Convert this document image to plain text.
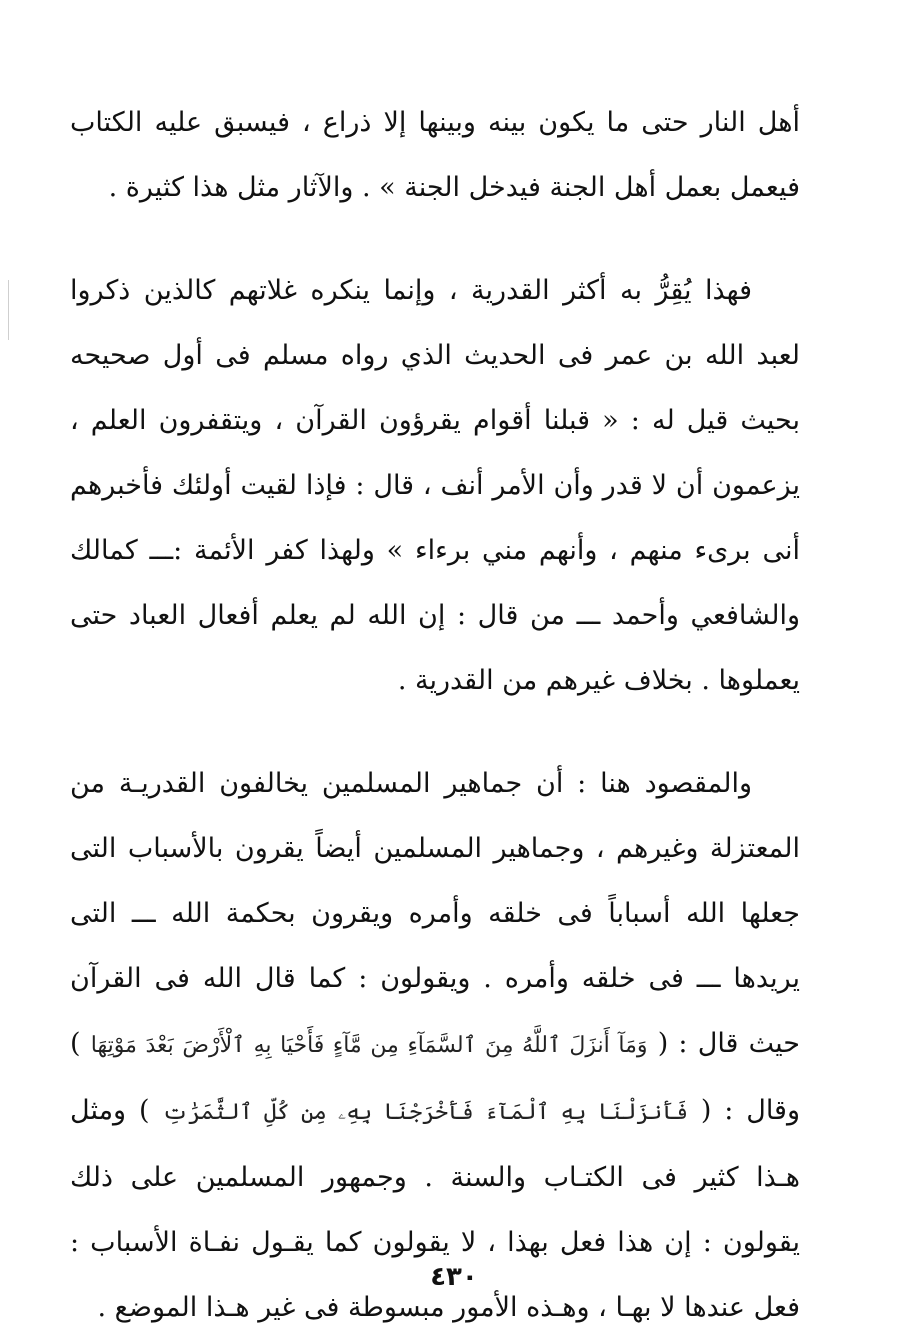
أهل النار حتى ما يكون بينه وبينها إلا ذراع ، فيسبق عليه الكتاب فيعمل بعمل أهل الجنة فيدخل الجنة » . والآثار مثل هذا كثيرة .

فهذا يُقِرُّ به أكثر القدرية ، وإنما ينكره غلاتهم كالذين ذكروا لعبد الله بن عمر فى الحديث الذي رواه مسلم فى أول صحيحه بحيث قيل له : « قبلنا أقوام يقرؤون القرآن ، ويتقفرون العلم ، يزعمون أن لا قدر وأن الأمر أنف ، قال : فإذا لقيت أولئك فأخبرهم أنى برىء منهم ، وأنهم مني برءاء » ولهذا كفر الأئمة :ـــ كمالك والشافعي وأحمد ـــ من قال : إن الله لم يعلم أفعال العباد حتى يعملوها . بخلاف غيرهم من القدرية .

والمقصود هنا : أن جماهير المسلمين يخالفون القدريـة من المعتزلة وغيرهم ، وجماهير المسلمين أيضاً يقرون بالأسباب التى جعلها الله أسباباً فى خلقه وأمره ويقرون بحكمة الله ـــ التى يريدها ـــ فى خلقه وأمره . ويقولون : كما قال الله فى القرآن حيث قال : ( وَمَآ أَنزَلَ ٱللَّهُ مِنَ ٱلسَّمَآءِ مِن مَّآءٍ فَأَحْيَا بِهِ ٱلْأَرْضَ بَعْدَ مَوْتِهَا ) وقال : ( فَأَنزَلْنَا بِهِ ٱلْمَآءَ فَأَخْرَجْنَا بِهِۦ مِن كُلِّ ٱلثَّمَرَٰتِ ) ومثل هـذا كثير فى الكتـاب والسنة . وجمهور المسلمين على ذلك يقولون : إن هذا فعل بهذا ، لا يقولون كما يقـول نفـاة الأسباب : فعل عندها لا بهـا ، وهـذه الأمور مبسوطة فى غير هـذا الموضع .

٤٣٠
